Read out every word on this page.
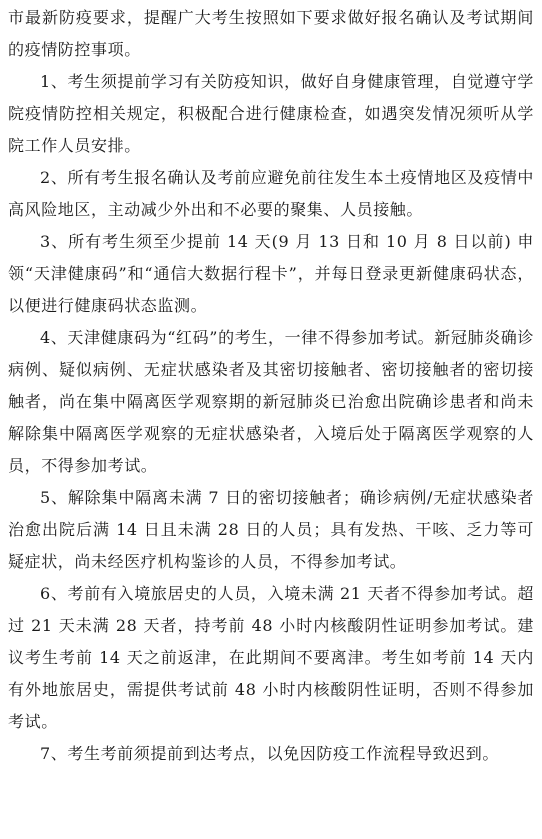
市最新防疫要求，提醒广大考生按照如下要求做好报名确认及考试期间的疫情防控事项。

1、考生须提前学习有关防疫知识，做好自身健康管理，自觉遵守学院疫情防控相关规定，积极配合进行健康检查，如遇突发情况须听从学院工作人员安排。

2、所有考生报名确认及考前应避免前往发生本土疫情地区及疫情中高风险地区，主动减少外出和不必要的聚集、人员接触。

3、所有考生须至少提前 14 天(9 月 13 日和 10 月 8 日以前) 申领“天津健康码”和“通信大数据行程卡”，并每日登录更新健康码状态，以便进行健康码状态监测。

4、天津健康码为“红码”的考生，一律不得参加考试。新冠肺炎确诊病例、疑似病例、无症状感染者及其密切接触者、密切接触者的密切接触者，尚在集中隔离医学观察期的新冠肺炎已治愈出院确诊患者和尚未解除集中隔离医学观察的无症状感染者，入境后处于隔离医学观察的人员，不得参加考试。

5、解除集中隔离未满 7 日的密切接触者；确诊病例/无症状感染者治愈出院后满 14 日且未满 28 日的人员；具有发热、干咳、乏力等可疑症状，尚未经医疗机构鉴诊的人员，不得参加考试。

6、考前有入境旅居史的人员，入境未满 21 天者不得参加考试。超过 21 天未满 28 天者，持考前 48 小时内核酸阴性证明参加考试。建议考生考前 14 天之前返津，在此期间不要离津。考生如考前 14 天内有外地旅居史，需提供考试前 48 小时内核酸阴性证明，否则不得参加考试。

7、考生考前须提前到达考点，以免因防疫工作流程导致迟到。
